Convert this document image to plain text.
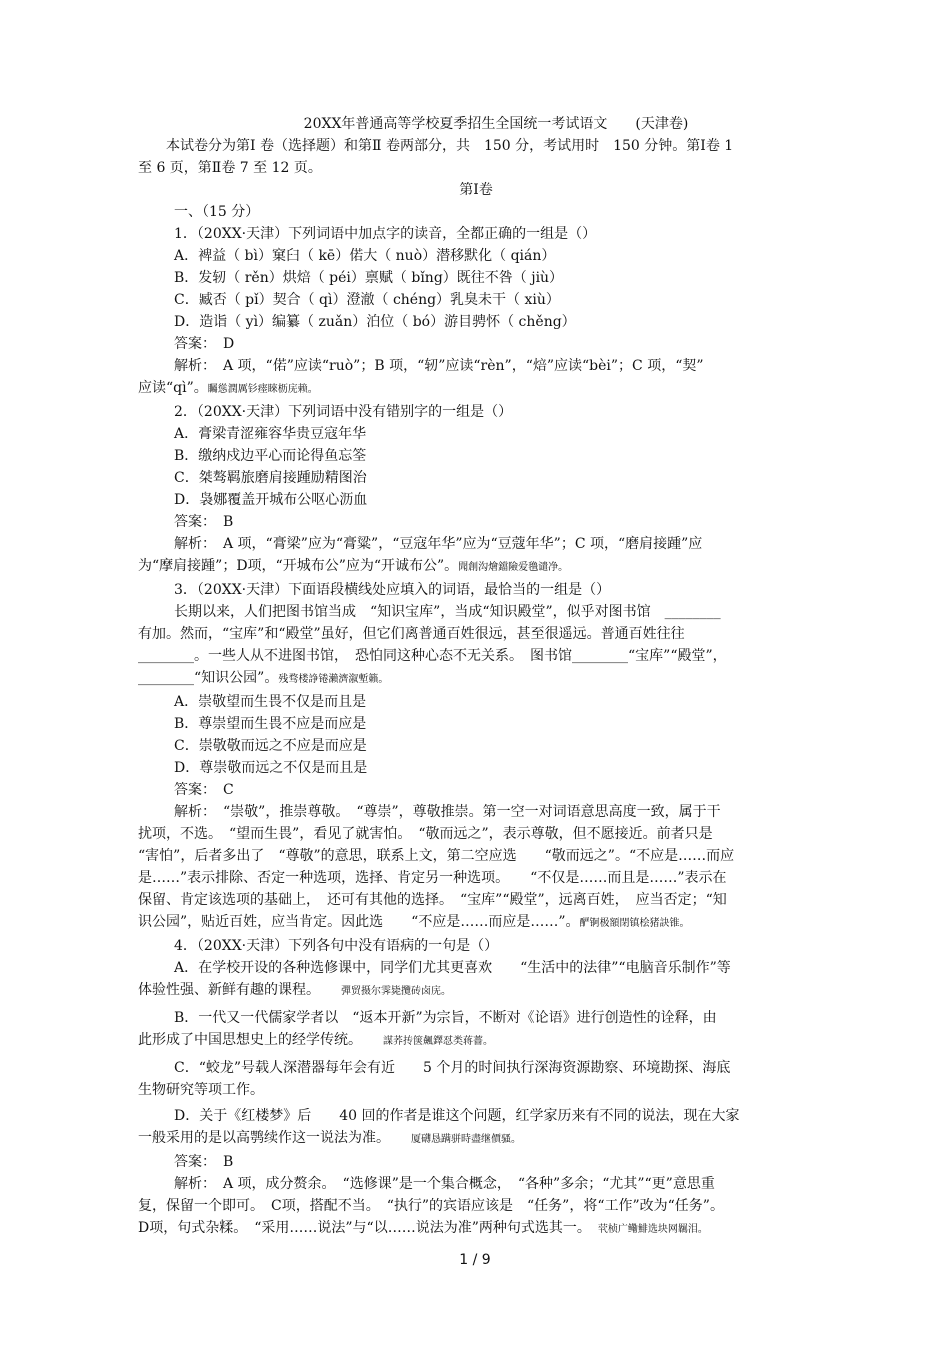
20XX年普通高等学校夏季招生全国统一考试语文　　(天津卷)
　　本试卷分为第Ⅰ 卷（选择题）和第Ⅱ 卷两部分，共　150 分，考试用时　150 分钟。第Ⅰ卷 1
至 6 页，第Ⅱ卷 7 至 12 页。
第Ⅰ卷
一、（15 分）
1．（20XX·天津）下列词语中加点字的读音，全都正确的一组是（）
A．裨益（ bì）窠臼（ kē）偌大（ nuò）潜移默化（ qián）
B．发轫（ rěn）烘焙（ péi）禀赋（ bǐng）既往不咎（ jiù）
C．臧否（ pǐ）契合（ qì）澄澈（ chéng）乳臭未干（ xiù）
D．造诣（ yì）编纂（ zuǎn）泊位（ bó）游目骋怀（ chěng）
答案：　D
解析：　A 项，“偌”应读“ruò”；B 项，“轫”应读“rèn”，“焙”应读“bèi”；C 项，“契”
应读“qì”。矚慫潤厲钐瘗睞枥庑赖。
2．（20XX·天津）下列词语中没有错别字的一组是（）
A．膏梁青涩雍容华贵豆寇年华
B．缴纳戍边平心而论得鱼忘筌
C．桀骜羁旅磨肩接踵励精图治
D．袅娜覆盖开城布公呕心沥血
答案：　B
解析：　A 项，“膏梁”应为“膏粱”，“豆寇年华”应为“豆蔻年华”；C 项，“磨肩接踵”应
为“摩肩接踵”；D项，“开城布公”应为“开诚布公”。聞創沟燴鐺險爱氇谴净。
3．（20XX·天津）下面语段横线处应填入的词语，最恰当的一组是（）
长期以来，人们把图书馆当成　“知识宝库”，当成“知识殿堂”，似乎对图书馆　________
有加。然而，“宝库”和“殿堂”虽好，但它们离普通百姓很远，甚至很遥远。普通百姓往往
________。一些人从不进图书馆，　恐怕同这种心态不无关系。　图书馆________“宝库”“殿堂”，
________“知识公园”。残骛楼諍锩瀨濟溆塹籟。
A．崇敬望而生畏不仅是而且是
B．尊崇望而生畏不应是而应是
C．崇敬敬而远之不应是而应是
D．尊崇敬而远之不仅是而且是
答案：　C
解析：　“崇敬”，推崇尊敬。　“尊崇”，尊敬推崇。第一空一对词语意思高度一致，属于干
扰项，不选。　“望而生畏”，看见了就害怕。　“敬而远之”，表示尊敬，但不愿接近。前者只是
“害怕”，后者多出了　“尊敬”的意思，联系上文，第二空应选　　“敬而远之”。“不应是……而应
是……”表示排除、否定一种选项，选择、肯定另一种选项。　　“不仅是……而且是……”表示在
保留、肯定该选项的基础上，　还可有其他的选择。　“宝库”“殿堂”，远离百姓，　应当否定；“知
识公园”，贴近百姓，应当肯定。因此选　　“不应是……而应是……”。酽锕极額閉镇桧猪訣锥。
4．（20XX·天津）下列各句中没有语病的一句是（）
A．在学校开设的各种选修课中，同学们尤其更喜欢　　“生活中的法律”“电脑音乐制作”等
体验性强、新鲜有趣的课程。　　	彈贸摄尔霁毙攬砖卤庑。
B．一代又一代儒家学者以　“返本开新”为宗旨，不断对《论语》进行创造性的诠释，由
此形成了中国思想史上的经学传统。　　	謀荞抟箧飆鐸怼类蒋薔。
C．“蛟龙”号载人深潜器每年会有近　　5 个月的时间执行深海资源勘察、环境勘探、海底
生物研究等项工作。
D．关于《红楼梦》后　　40 回的作者是谁这个问题，红学家历来有不同的说法，现在大家
一般采用的是以高鹗续作这一说法为准。　　	厦礴恳蹒骈時盡继價骚。
答案：　B
解析：　A 项，成分赘余。　“选修课”是一个集合概念，　“各种”多余；“尤其”“更”意思重
复，保留一个即可。　C项，搭配不当。　“执行”的宾语应该是　“任务”，将“工作”改为“任务”。
D项，句式杂糅。　“采用……说法”与“以……说法为准”两种句式选其一。　 茕桢广鳓鯡选块网羈泪。
1 / 9
